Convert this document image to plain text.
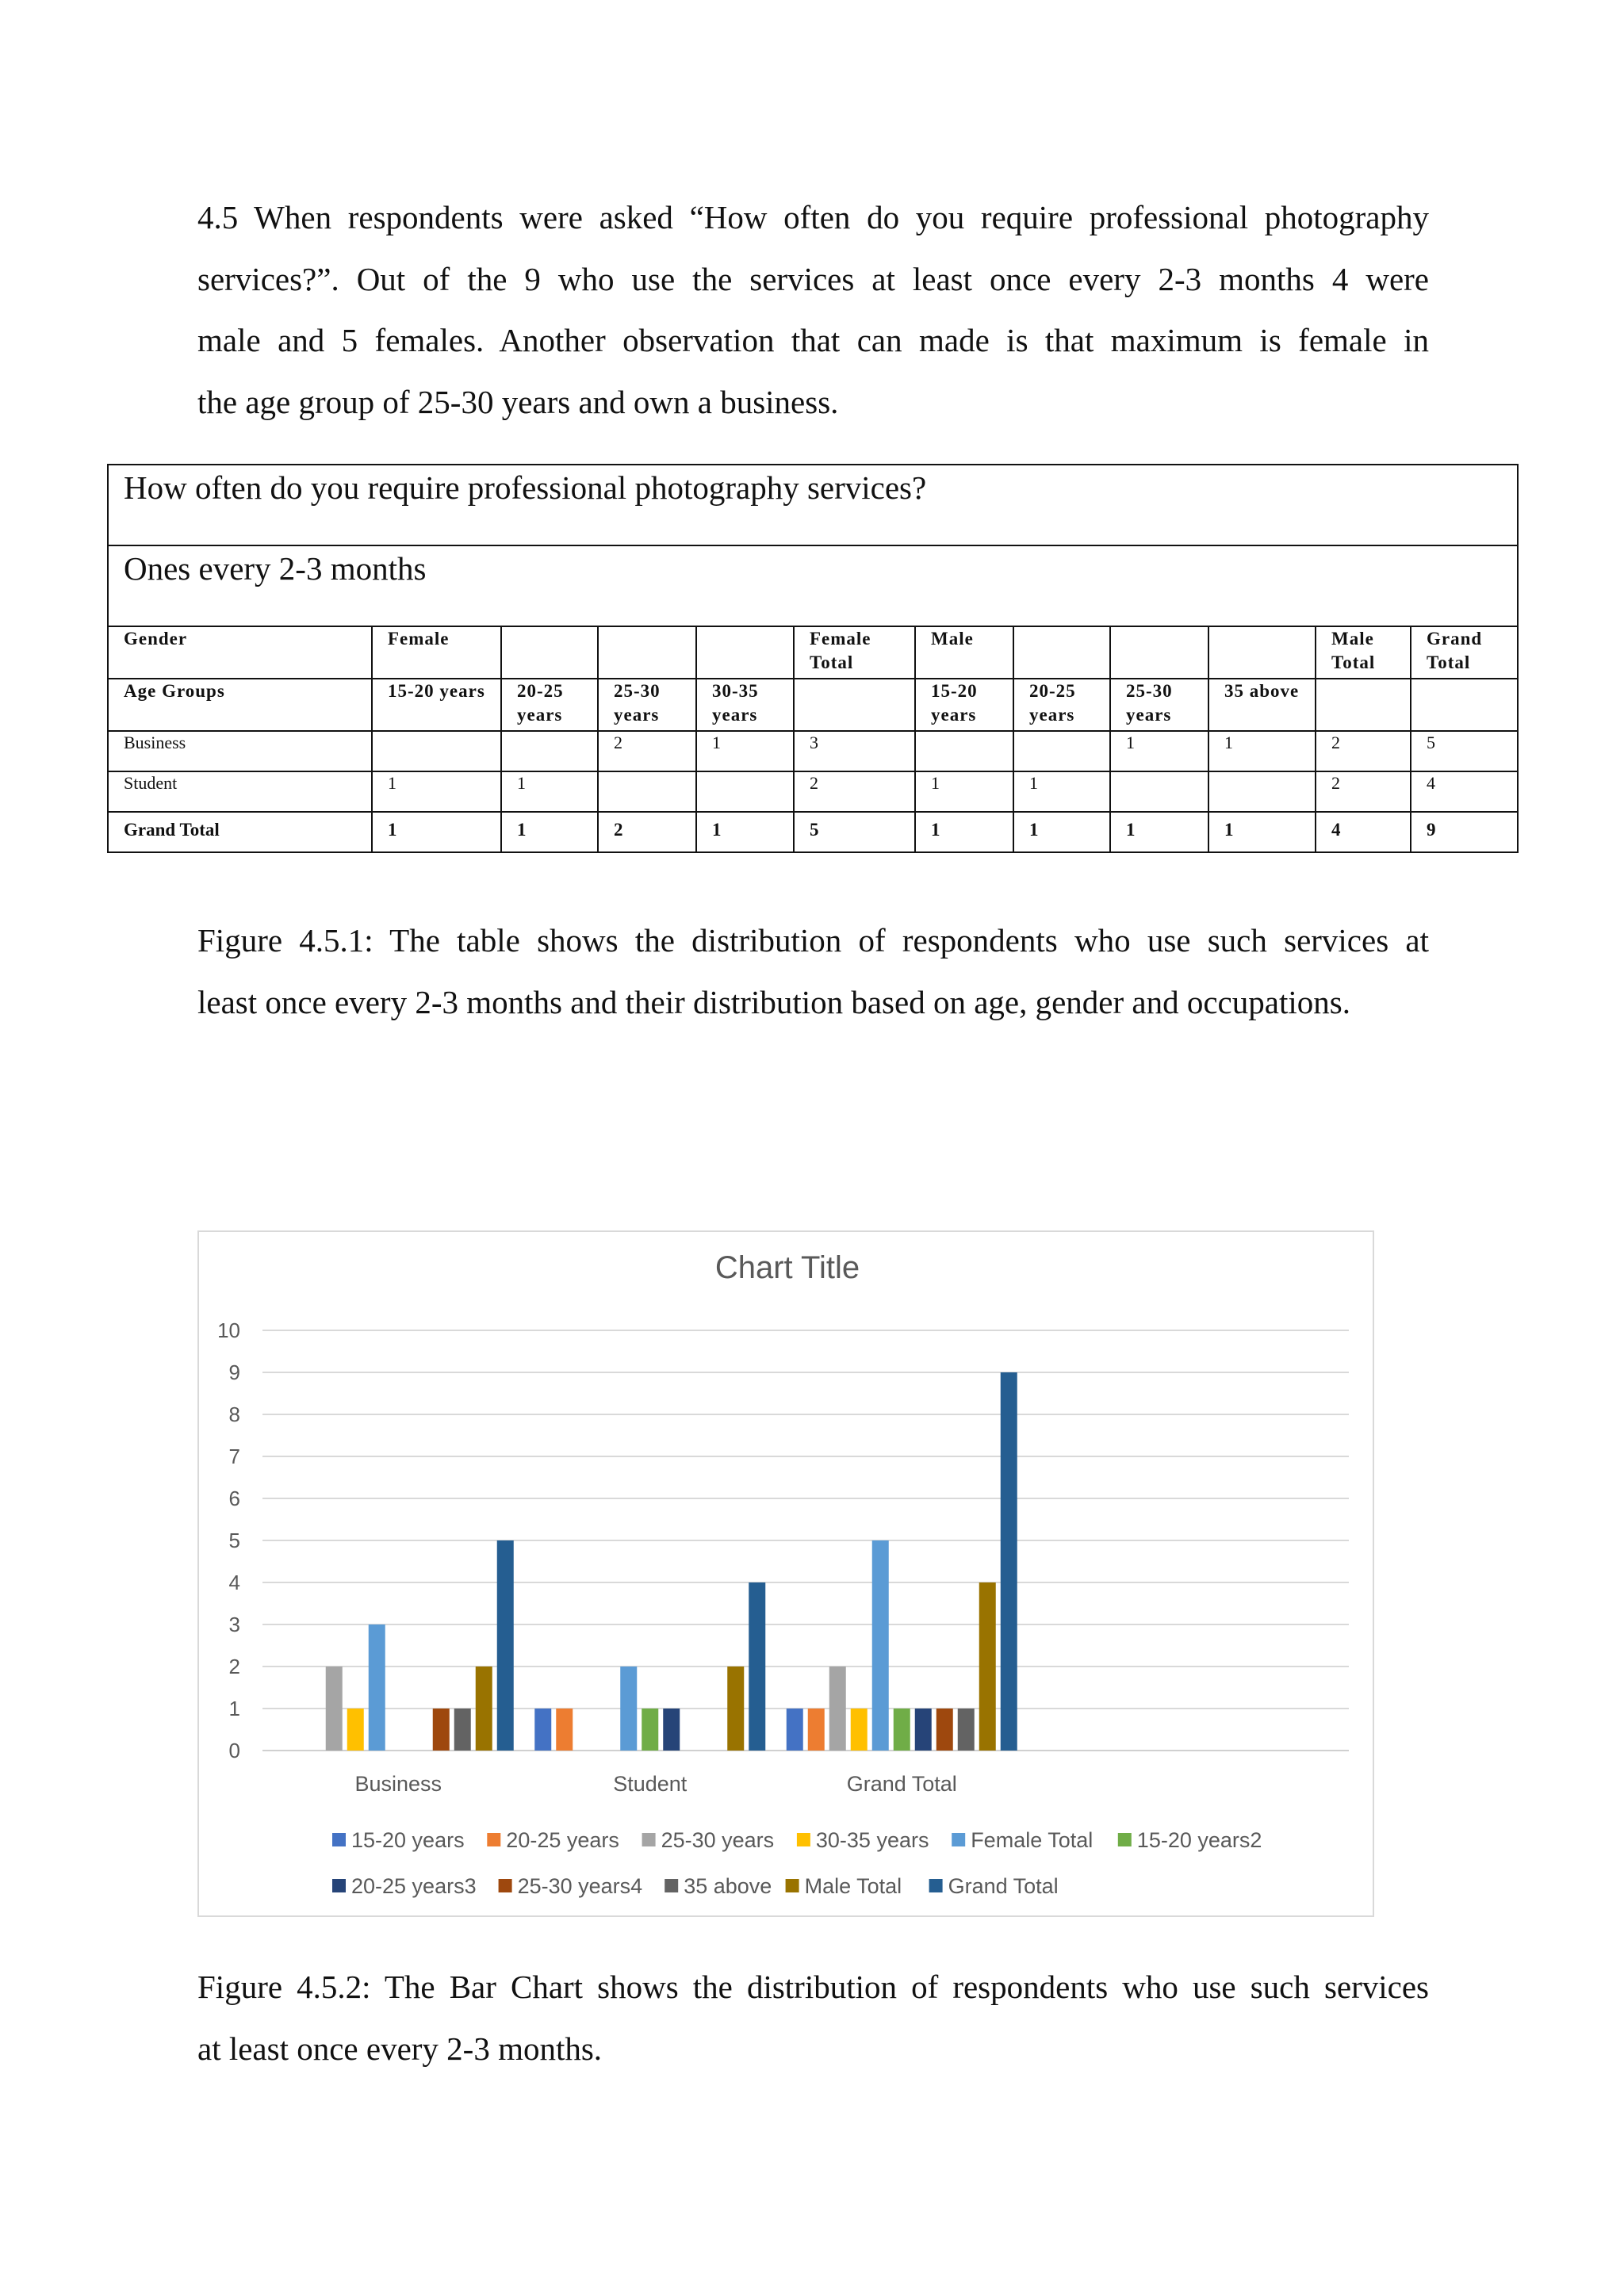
4.5 When respondents were asked “How often do you require professional photography
services?”. Out of the 9 who use the services at least once every 2-3 months 4 were
male and 5 females. Another observation that can made is that maximum is female in
the age group of 25-30 years and own a business.
How often do you require professional photography services?											
Ones every 2-3 months											
Gender	Female				Female Total	Male				Male Total	Grand Total
Age Groups	15-20 years	20-25 years	25-30 years	30-35 years		15-20 years	20-25 years	25-30 years	35 above		
Business			2	1	3			1	1	2	5
Student	1	1			2	1	1			2	4
Grand Total	1	1	2	1	5	1	1	1	1	4	9
Figure 4.5.1: The table shows the distribution of respondents who use such services at
least once every 2-3 months and their distribution based on age, gender and occupations.
Chart Title
0
1
2
3
4
5
6
7
8
9
10
Business	Student	Grand Total
15-20 years 20-25 years 25-30 years 30-35 years Female Total 15-20 years2
20-25 years3 25-30 years4 35 above Male Total Grand Total
Figure 4.5.2: The Bar Chart shows the distribution of respondents who use such services
at least once every 2-3 months.
